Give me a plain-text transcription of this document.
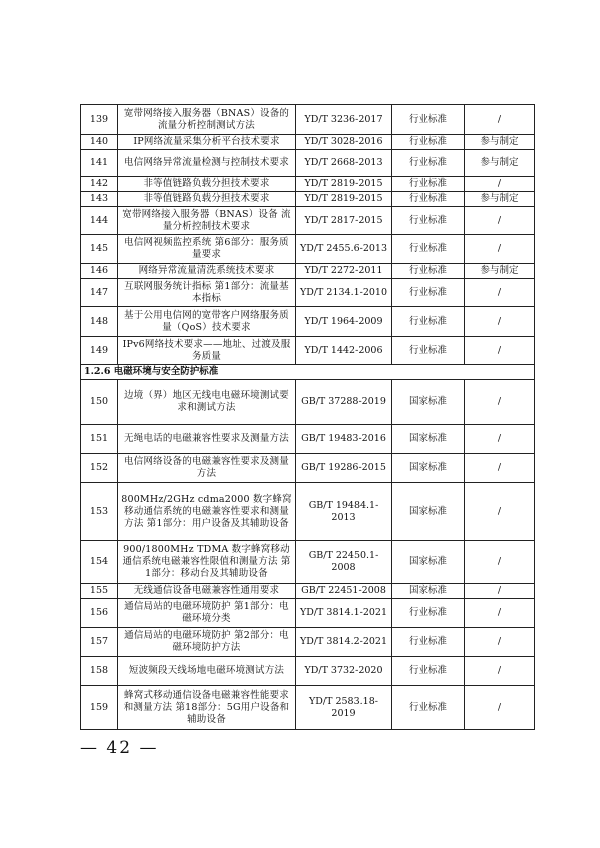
139	宽带网络接入服务器（BNAS）设备的流量分析控制测试方法	YD/T 3236-2017	行业标准	/
140	IP网络流量采集分析平台技术要求	YD/T 3028-2016	行业标准	参与制定
141	电信网络异常流量检测与控制技术要求	YD/T 2668-2013	行业标准	参与制定
142	非等值链路负载分担技术要求	YD/T 2819-2015	行业标准	/
143	非等值链路负载分担技术要求	YD/T 2819-2015	行业标准	参与制定
144	宽带网络接入服务器（BNAS）设备 流量分析控制技术要求	YD/T 2817-2015	行业标准	/
145	电信网视频监控系统 第6部分：服务质量要求	YD/T 2455.6-2013	行业标准	/
146	网络异常流量清洗系统技术要求	YD/T 2272-2011	行业标准	参与制定
147	互联网服务统计指标 第1部分：流量基本指标	YD/T 2134.1-2010	行业标准	/
148	基于公用电信网的宽带客户网络服务质量（QoS）技术要求	YD/T 1964-2009	行业标准	/
149	IPv6网络技术要求——地址、过渡及服务质量	YD/T 1442-2006	行业标准	/
1.2.6 电磁环境与安全防护标准				
150	边境（界）地区无线电电磁环境测试要求和测试方法	GB/T 37288-2019	国家标准	/
151	无绳电话的电磁兼容性要求及测量方法	GB/T 19483-2016	国家标准	/
152	电信网络设备的电磁兼容性要求及测量方法	GB/T 19286-2015	国家标准	/
153	800MHz/2GHz cdma2000 数字蜂窝移动通信系统的电磁兼容性要求和测量方法 第1部分：用户设备及其辅助设备	GB/T 19484.1-2013	国家标准	/
154	900/1800MHz TDMA 数字蜂窝移动通信系统电磁兼容性限值和测量方法 第1部分：移动台及其辅助设备	GB/T 22450.1-2008	国家标准	/
155	无线通信设备电磁兼容性通用要求	GB/T 22451-2008	国家标准	/
156	通信局站的电磁环境防护 第1部分：电磁环境分类	YD/T 3814.1-2021	行业标准	/
157	通信局站的电磁环境防护 第2部分：电磁环境防护方法	YD/T 3814.2-2021	行业标准	/
158	短波频段天线场地电磁环境测试方法	YD/T 3732-2020	行业标准	/
159	蜂窝式移动通信设备电磁兼容性能要求和测量方法 第18部分：5G用户设备和辅助设备	YD/T 2583.18-2019	行业标准	/
— 42 —
